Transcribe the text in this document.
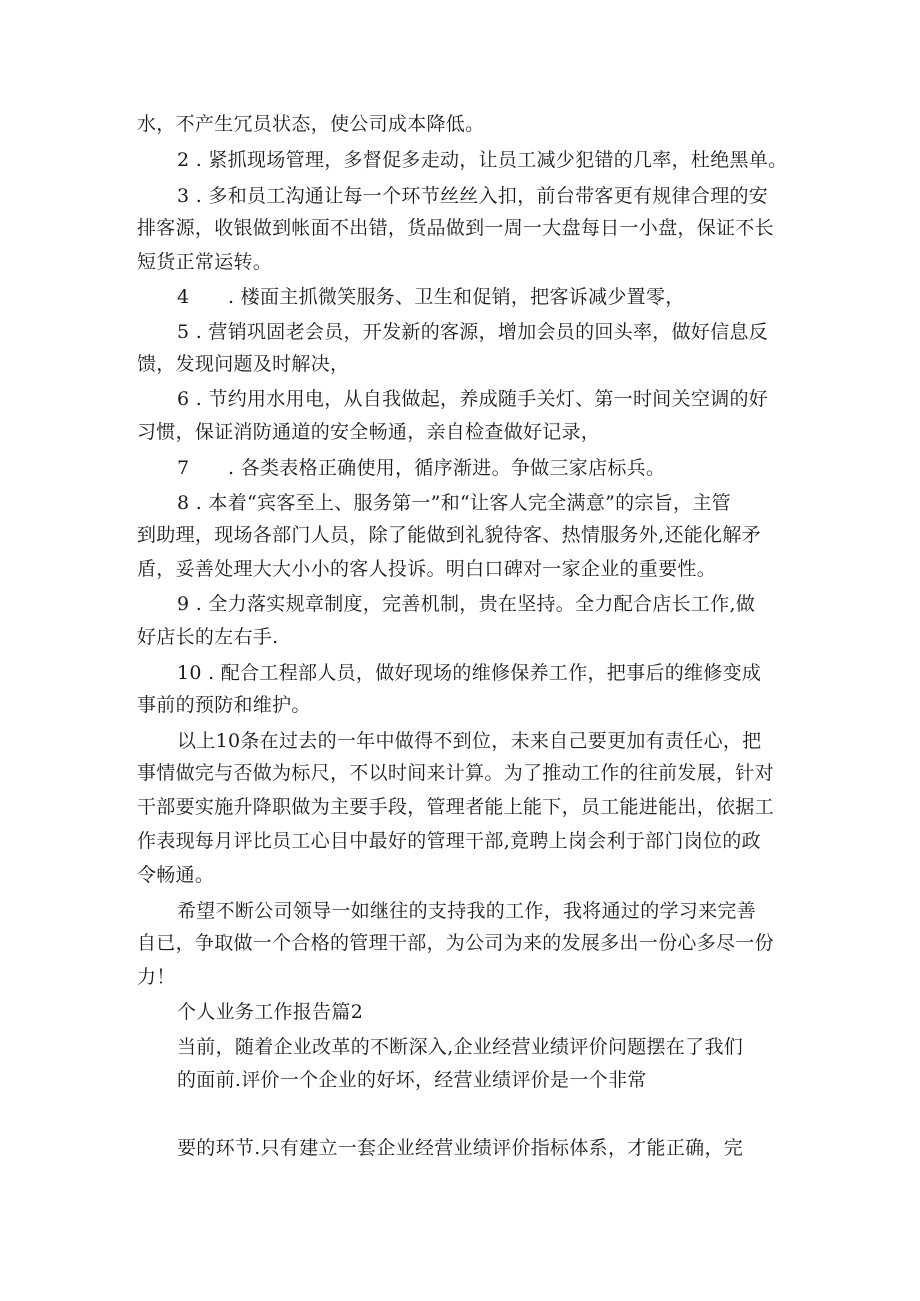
水，不产生冗员状态，使公司成本降低。
2 . 紧抓现场管理，多督促多走动，让员工减少犯错的几率，杜绝黑单。
3 . 多和员工沟通让每一个环节丝丝入扣，前台带客更有规律合理的安
排客源，收银做到帐面不出错，货品做到一周一大盘每日一小盘，保证不长
短货正常运转。
4　　. 楼面主抓微笑服务、卫生和促销，把客诉减少置零，
5 . 营销巩固老会员，开发新的客源，增加会员的回头率，做好信息反
馈，发现问题及时解决，
6 . 节约用水用电，从自我做起，养成随手关灯、第一时间关空调的好
习惯，保证消防通道的安全畅通，亲自检查做好记录，
7　　. 各类表格正确使用，循序渐进。争做三家店标兵。
8 . 本着“宾客至上、服务第一”和“让客人完全满意”的宗旨，主管
到助理，现场各部门人员，除了能做到礼貌待客、热情服务外,还能化解矛
盾，妥善处理大大小小的客人投诉。明白口碑对一家企业的重要性。
9 . 全力落实规章制度，完善机制，贵在坚持。全力配合店长工作,做
好店长的左右手.
10 . 配合工程部人员，做好现场的维修保养工作，把事后的维修变成
事前的预防和维护。
以上10条在过去的一年中做得不到位，未来自己要更加有责任心，把
事情做完与否做为标尺，不以时间来计算。为了推动工作的往前发展，针对
干部要实施升降职做为主要手段，管理者能上能下，员工能进能出，依据工
作表现每月评比员工心目中最好的管理干部,竟聘上岗会利于部门岗位的政
令畅通。
希望不断公司领导一如继往的支持我的工作，我将通过的学习来完善
自已，争取做一个合格的管理干部，为公司为来的发展多出一份心多尽一份
力！
个人业务工作报告篇2
当前，随着企业改革的不断深入,企业经营业绩评价问题摆在了我们
的面前.评价一个企业的好坏，经营业绩评价是一个非常
要的环节.只有建立一套企业经营业绩评价指标体系，才能正确，完
